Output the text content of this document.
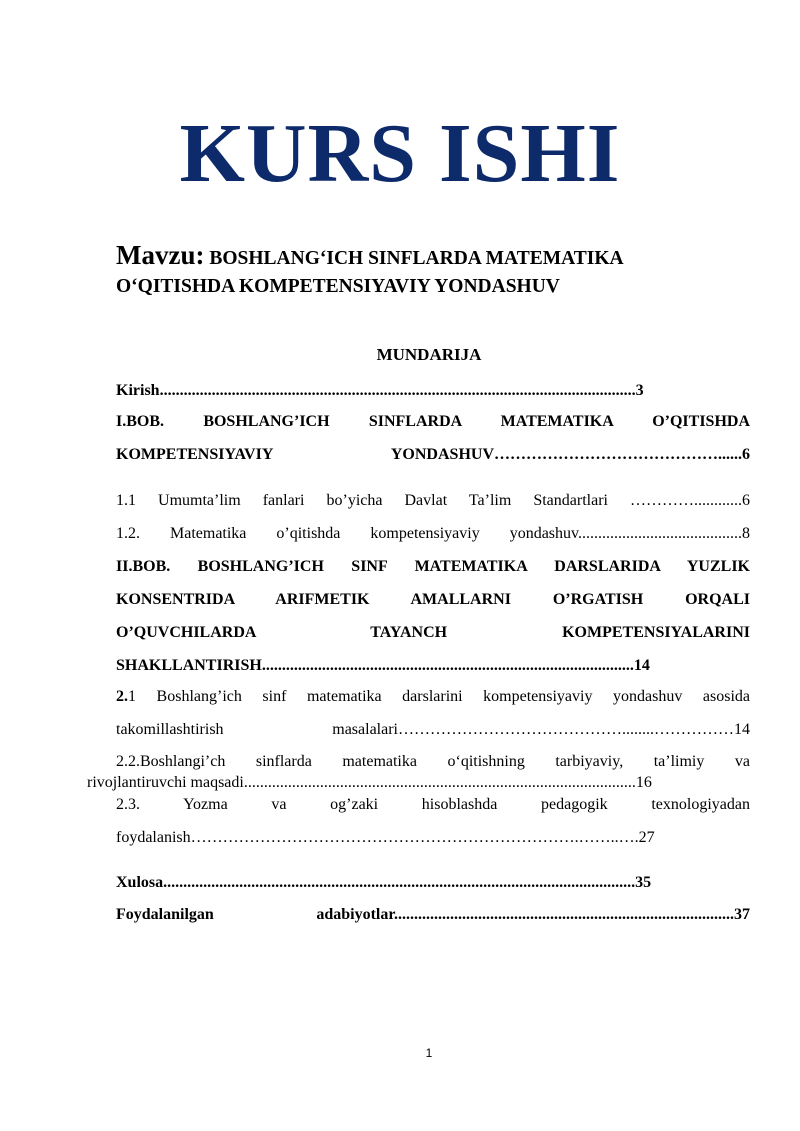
KURS ISHI
Mavzu: BOSHLANG‘ICH SINFLARDA MATEMATIKA
O‘QITISHDA KOMPETENSIYAVIY YONDASHUV
MUNDARIJA
Kirish.......................................................................................................................3
I.BOB. BOSHLANG’ICH SINFLARDA MATEMATIKA O’QITISHDA
KOMPETENSIYAVIY YONDASHUV……………………………………......6
1.1 Umumta’lim fanlari bo’yicha Davlat Ta’lim Standartlari …………............6
1.2. Matematika o’qitishda kompetensiyaviy yondashuv.........................................8
II.BOB. BOSHLANG’ICH SINF MATEMATIKA DARSLARIDA YUZLIK
KONSENTRIDA ARIFMETIK AMALLARNI O’RGATISH ORQALI
O’QUVCHILARDA TAYANCH KOMPETENSIYALARINI
SHAKLLANTIRISH.............................................................................................14
2.1 Boshlang’ich sinf matematika darslarini kompetensiyaviy yondashuv asosida
takomillashtirish masalalari……………………………………........……………14
2.2.Boshlangi’ch sinflarda matematika o‘qitishning tarbiyaviy, ta’limiy va
rivojlantiruvchi maqsadi..................................................................................................16
2.3. Yozma va og’zaki hisoblashda pedagogik texnologiyadan
foydalanish……………………………………………………………….……..….27
Xulosa......................................................................................................................35
Foydalanilgan adabiyotlar.....................................................................................37
1
